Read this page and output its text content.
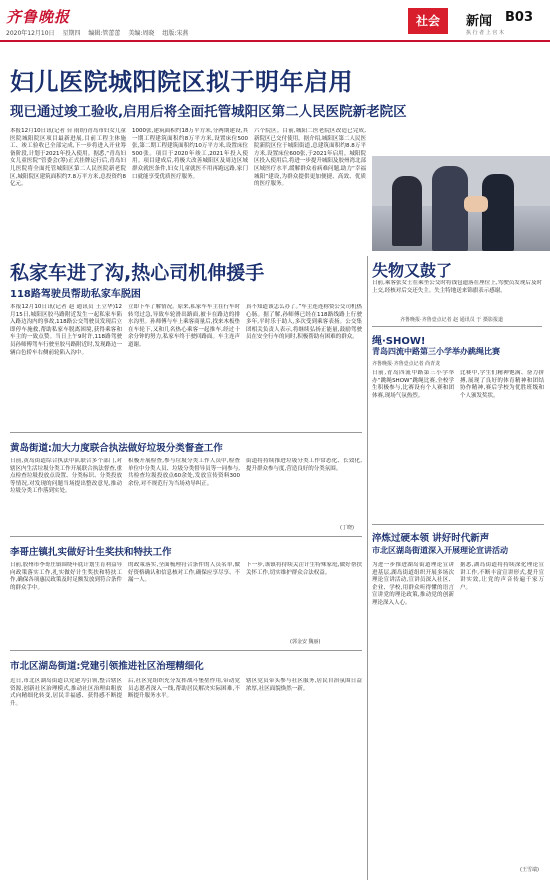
齐鲁晚报
2020年12月10日 星期四 编辑:管蕾蕾 美编:周晓 组版:宋燕
社会	新闻 B03
执 行 者 上 官 木
妇儿医院城阳院区拟于明年启用
现已通过竣工验收,启用后将全面托管城阳区第二人民医院新老院区
本报12月10日讯(记者 台 雨纷)青岛市妇女儿童医院城阳院区项目最新进展,目前工程主体施工、竣工验收已全部完成,下一步将进入开业筹备阶段,计划于2021年投入使用。据悉,“青岛妇女儿童医院”管委会(筹)正式挂牌运行后,青岛妇儿医院将全面托管城阳区第二人民医院新老院区,城阳院区建筑面积约7.8万平方米,总投资约8亿元。
1000张,建筑面积约18万平方米,分两期建设,其一期工程建筑面积约8万平方米,设置床位500张,第二期工程建筑面积约10万平方米,设置床位500张。项目于2020年竣工,2021年投入使用。项目建成后,将极大改善城阳区及周边区域群众就医条件,妇女儿童就医不用再跑远路,家门口就能享受优质医疗服务。
六个院区。目前,城阳二医老院区改造已完成,新院区已交付使用。据介绍,城阳区第二人民医院新院区位于城阳街道,总建筑面积约8.8万平方米,设置床位600张,于2021年启用。城阳院区投入使用后,将进一步提升城阳及胶州湾北部区域医疗水平,缓解群众看病难问题,助力“幸福城阳”建设,为群众提供更加便捷、高效、优质的医疗服务。
失物又鼓了
日前,乘客张女士在乘坐公交时将钱包遗落在座位上,驾驶员发现后及时上交,经核对后交还失主。失主特地送来锦旗表示感谢。
齐鲁晚报·齐鲁壹点记者 赵 通讯员 于 摄影报道
私家车进了沟,热心司机伸援手
118路驾驶员帮助私家车脱困
本报12月10日讯(记者 赵 通讯员 王立华)12月15日,城阳区胶马路附近发生一起私家车陷入路边沟内的事故,118路公交驾驶员发现后立即停车施救,帮助私家车脱离困境,获得乘客和车主的一致点赞。当日上午9时许,118路驾驶员孙师傅驾车行驶至胶马路附近时,发现路边一辆白色轿车右侧前轮陷入沟中。
立即下车了解情况。原来,私家车车主在行车时转弯过急,导致车轮滑出路面,被卡在路边的排水沟里。孙师傅与车上乘客商量后,找来木板垫在车轮下,又和几名热心乘客一起推车,经过十余分钟的努力,私家车终于驶回路面。车主连声道谢。
真不知道该怎么办了。”车主连连称赞公交司机热心肠。据了解,孙师傅已经在118路线路上行驶多年,平时乐于助人,多次受到乘客表扬。公交集团相关负责人表示,将继续弘扬正能量,鼓励驾驶员在安全行车的同时,积极帮助有困难的群众。
黄岛街道:加大力度联合执法做好垃圾分类督查工作
日前,黄岛街道综合执法中队联合多个部门,对辖区内生活垃圾分类工作开展联合执法督查,重点检查垃圾投放点设置、分类标识、分类投放等情况,对发现的问题当场提出整改意见,推动垃圾分类工作落到实处。
积极开展检查,参与垃圾分类工作人员中,检查单位中分类人员、垃圾分类督导员等一同参与,共检查垃圾投放点60余处,发放宣传资料300余份,对不规范行为当场劝导纠正。
街道将持续推进垃圾分类工作常态化、长效化,提升群众参与度,营造良好的分类氛围。
(丁晓)
李哥庄镇扎实做好计生奖扶和特扶工作
日前,胶州市李哥庄镇围绕年底计划生育利益导向政策落实工作,扎实做好计生奖扶和特扶工作,确保各项惠民政策及时足额发放到符合条件的群众手中。
的政策落实,全面梳理符合条件的人员名单,做好资格确认和信息核对工作,确保应享尽享、不漏一人。
下一步,该镇将持续关注计生特殊家庭,做好帮扶关怀工作,切实维护群众合法权益。
(郭金安 魏丽)
市北区湖岛街道:党建引领推进社区治理精细化
近日,市北区湖岛街道以党建为引领,整合辖区资源,创新社区治理模式,推动社区治理由粗放式向精细化转变,居民幸福感、获得感不断提升。
后,社区党组织充分发挥战斗堡垒作用,带动党员志愿者深入一线,帮助居民解决实际困难,不断提升服务水平。
辖区党员带头参与社区服务,居民自治氛围日益浓厚,社区面貌焕然一新。
绳·SHOW!
青岛四流中路第三小学举办跳绳比赛
齐鲁晚报·齐鲁壹点记者 尚青龙
日前,青岛四流中路第三小学举办“跳绳SHOW”跳绳比赛,全校学生积极参与,比赛设有个人赛和团体赛,现场气氛热烈。
比赛中,学生们精神饱满、奋力拼搏,展现了良好的体育精神和团结协作精神,赛后学校为优胜班级和个人颁发奖状。
淬炼过硬本领 讲好时代新声
市北区湖岛街道深入开展理论宣讲活动
为进一步推进湖岛街道理论宣讲进基层,湖岛街道组织开展多场次理论宣讲活动,宣讲员深入社区、企业、学校,用群众听得懂的语言宣讲党的理论政策,推动党的创新理论深入人心。
据悉,湖岛街道将持续深化理论宣讲工作,不断丰富宣讲形式,提升宣讲实效,让党的声音传遍千家万户。
(王雪端)
